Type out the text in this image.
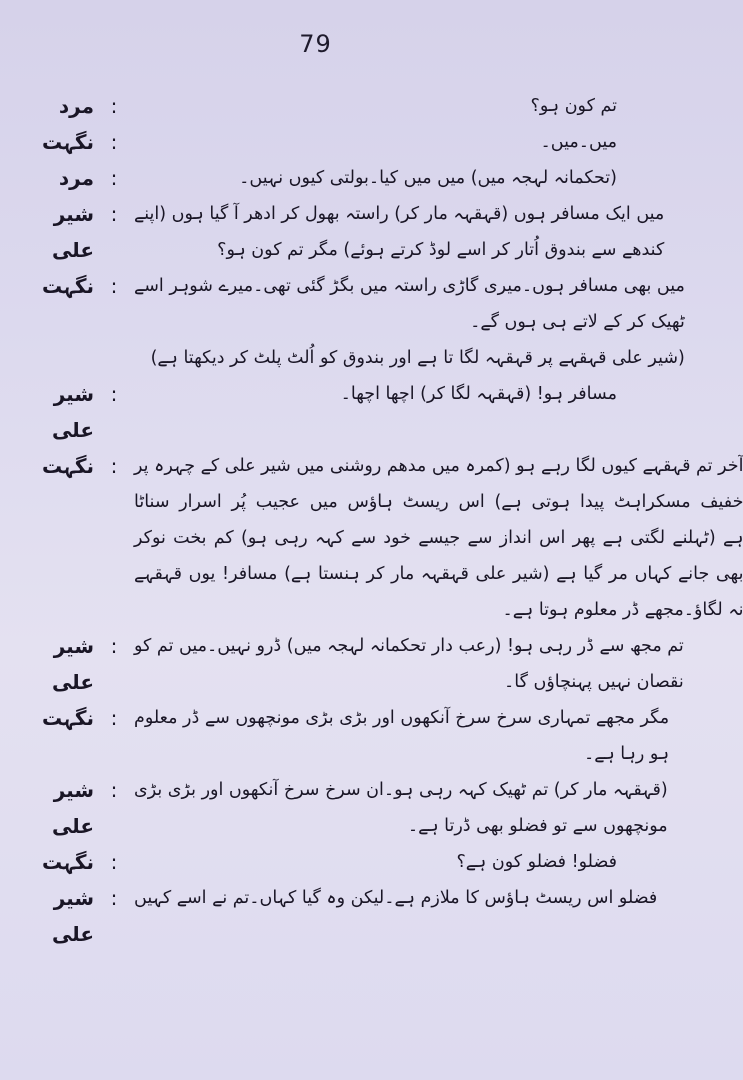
79
مرد :	تم کون ہو؟
نگہت :	میں۔میں۔
مرد :	(تحکمانہ لہجہ میں) میں میں کیا۔بولتی کیوں نہیں۔
شیر علی
: میں ایک مسافر ہوں (قہقہہ مار کر) راستہ بھول کر ادھر آ گیا ہوں (اپنے
کندھے سے بندوق اُتار کر اسے لوڈ کرتے ہوئے) مگر تم کون ہو؟
نگہت : میں بھی مسافر ہوں۔میری گاڑی راستہ میں بگڑ گئی تھی۔میرے شوہر اسے
ٹھیک کر کے لاتے ہی ہوں گے۔
(شیر علی قہقہے پر قہقہہ لگا تا ہے اور بندوق کو اُلٹ پلٹ کر دیکھتا ہے)
شیر علی
:	مسافر ہو! (قہقہہ لگا کر) اچھا اچھا۔
نگہت : آخر تم قہقہے کیوں لگا رہے ہو (کمرہ میں مدھم روشنی میں شیر علی کے چہرہ پر
خفیف مسکراہٹ پیدا ہوتی ہے) اس ریسٹ ہاؤس میں عجیب پُر اسرار سناٹا
ہے (ٹہلنے لگتی ہے پھر اس انداز سے جیسے خود سے کہہ رہی ہو) کم بخت نوکر
بھی جانے کہاں مر گیا ہے (شیر علی قہقہہ مار کر ہنستا ہے) مسافر! یوں قہقہے
نہ لگاؤ۔مجھے ڈر معلوم ہوتا ہے۔
شیر علی
: تم مجھ سے ڈر رہی ہو! (رعب دار تحکمانہ لہجہ میں) ڈرو نہیں۔میں تم کو
نقصان نہیں پہنچاؤں گا۔
نگہت : مگر مجھے تمہاری سرخ سرخ آنکھوں اور بڑی بڑی مونچھوں سے ڈر معلوم
ہو رہا ہے۔
شیر علی
: (قہقہہ مار کر) تم ٹھیک کہہ رہی ہو۔ان سرخ سرخ آنکھوں اور بڑی بڑی
مونچھوں سے تو فضلو بھی ڈرتا ہے۔
نگہت :	فضلو! فضلو کون ہے؟
شیر علی
: فضلو اس ریسٹ ہاؤس کا ملازم ہے۔لیکن وہ گیا کہاں۔تم نے اسے کہیں
